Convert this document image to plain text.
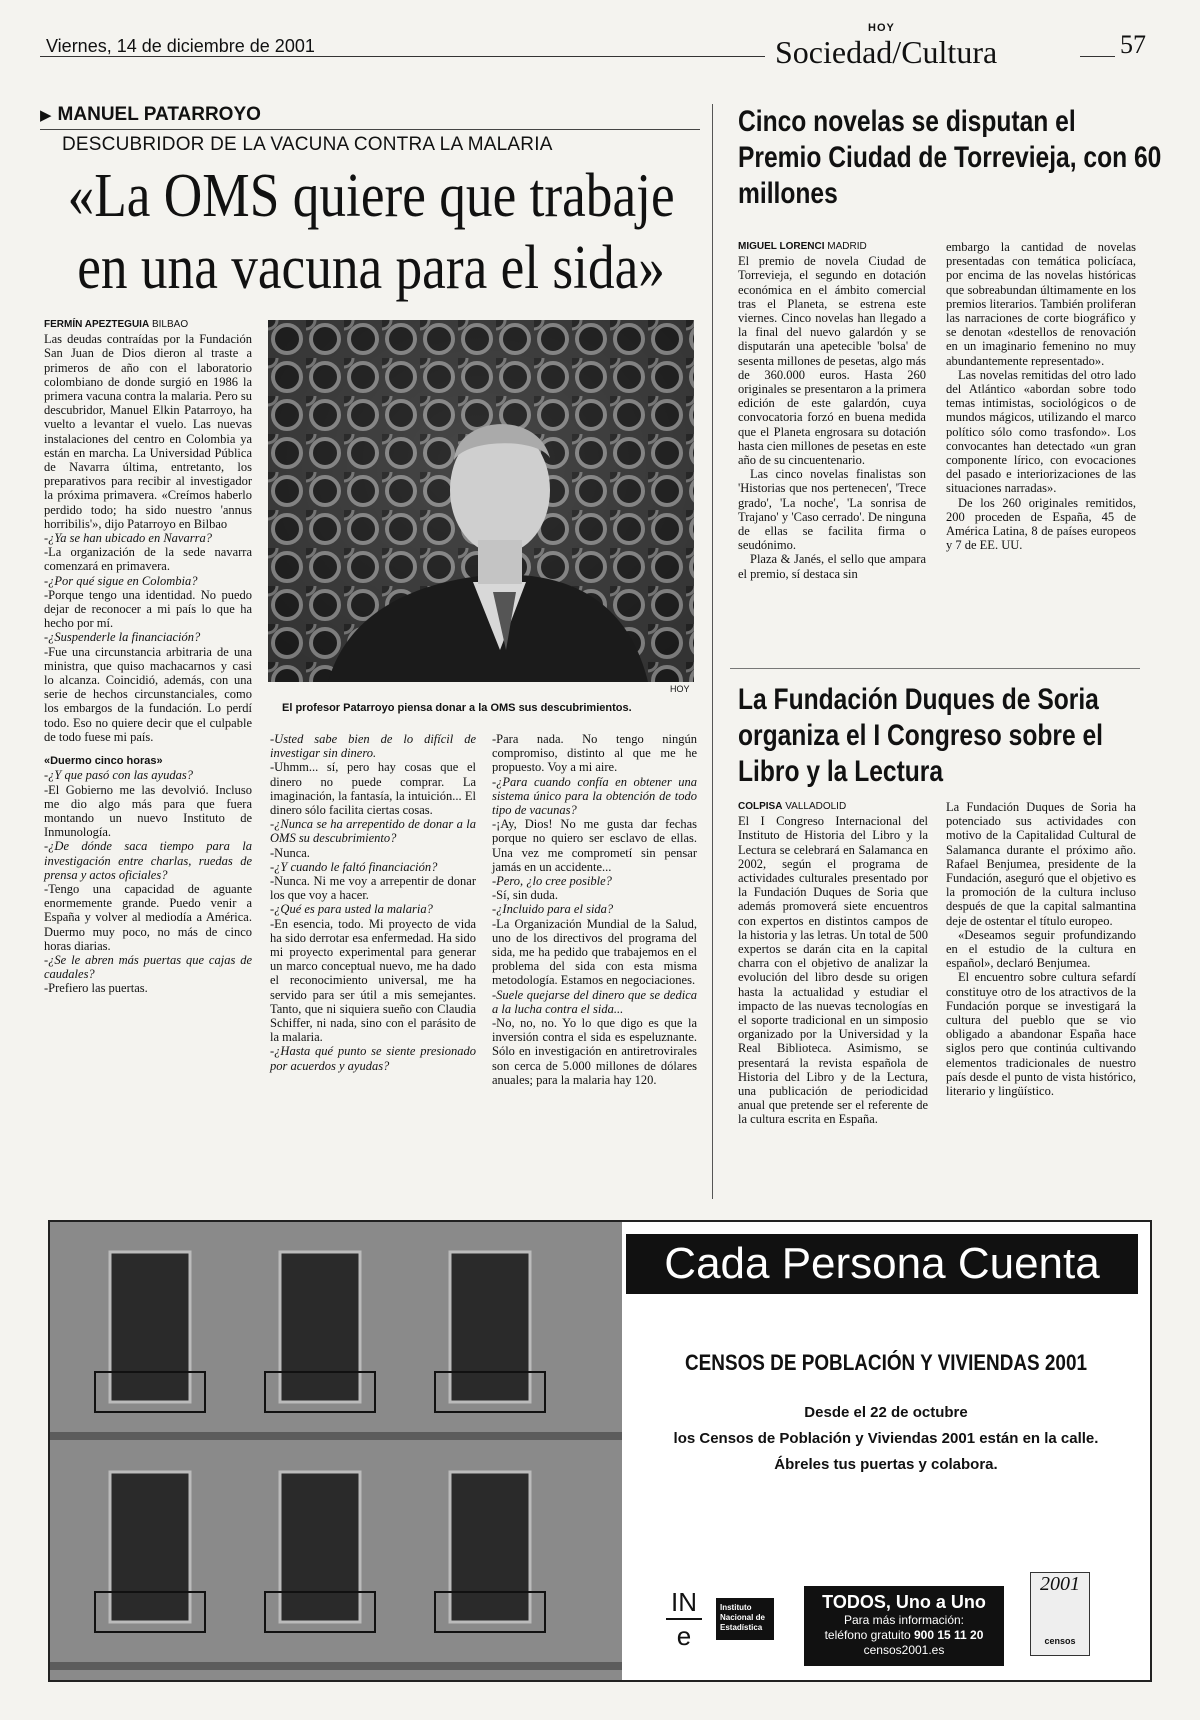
Viernes, 14 de diciembre de 2001
HOY
Sociedad/Cultura	57
▶ MANUEL PATARROYO
DESCUBRIDOR DE LA VACUNA CONTRA LA MALARIA
«La OMS quiere que trabaje en una vacuna para el sida»
FERMÍN APEZTEGUIA BILBAO

Las deudas contraídas por la Fundación San Juan de Dios dieron al traste a primeros de año con el laboratorio colombiano de donde surgió en 1986 la primera vacuna contra la malaria. Pero su descubridor, Manuel Elkin Patarroyo, ha vuelto a levantar el vuelo. Las nuevas instalaciones del centro en Colombia ya están en marcha. La Universidad Pública de Navarra última, entretanto, los preparativos para recibir al investigador la próxima primavera. «Creímos haberlo perdido todo; ha sido nuestro 'annus horribilis'», dijo Patarroyo en Bilbao

-¿Ya se han ubicado en Navarra?

-La organización de la sede navarra comenzará en primavera.

-¿Por qué sigue en Colombia?

-Porque tengo una identidad. No puedo dejar de reconocer a mi país lo que ha hecho por mí.

-¿Suspenderle la financiación?

-Fue una circunstancia arbitraria de una ministra, que quiso machacarnos y casi lo alcanza. Coincidió, además, con una serie de hechos circunstanciales, como los embargos de la fundación. Lo perdí todo. Eso no quiere decir que el culpable de todo fuese mi país.

«Duermo cinco horas»

-¿Y que pasó con las ayudas?

-El Gobierno me las devolvió. Incluso me dio algo más para que fuera montando un nuevo Instituto de Inmunología.

-¿De dónde saca tiempo para la investigación entre charlas, ruedas de prensa y actos oficiales?

-Tengo una capacidad de aguante enormemente grande. Puedo venir a España y volver al mediodía a América. Duermo muy poco, no más de cinco horas diarias.

-¿Se le abren más puertas que cajas de caudales?

-Prefiero las puertas.

HOY
El profesor Patarroyo piensa donar a la OMS sus descubrimientos.

-Usted sabe bien de lo difícil de investigar sin dinero.

-Uhmm... sí, pero hay cosas que el dinero no puede comprar. La imaginación, la fantasía, la intuición... El dinero sólo facilita ciertas cosas.

-¿Nunca se ha arrepentido de donar a la OMS su descubrimiento?

-Nunca.

-¿Y cuando le faltó financiación?

-Nunca. Ni me voy a arrepentir de donar los que voy a hacer.

-¿Qué es para usted la malaria?

-En esencia, todo. Mi proyecto de vida ha sido derrotar esa enfermedad. Ha sido mi proyecto experimental para generar un marco conceptual nuevo, me ha dado el reconocimiento universal, me ha servido para ser útil a mis semejantes. Tanto, que ni siquiera sueño con Claudia Schiffer, ni nada, sino con el parásito de la malaria.

-¿Hasta qué punto se siente presionado por acuerdos y ayudas?

-Para nada. No tengo ningún compromiso, distinto al que me he propuesto. Voy a mi aire.

-¿Para cuando confía en obtener una sistema único para la obtención de todo tipo de vacunas?

-¡Ay, Dios! No me gusta dar fechas porque no quiero ser esclavo de ellas. Una vez me comprometí sin pensar jamás en un accidente...

-Pero, ¿lo cree posible?

-Sí, sin duda.

-¿Incluido para el sida?

-La Organización Mundial de la Salud, uno de los directivos del programa del sida, me ha pedido que trabajemos en el problema del sida con esta misma metodología. Estamos en negociaciones.

-Suele quejarse del dinero que se dedica a la lucha contra el sida...

-No, no, no. Yo lo que digo es que la inversión contra el sida es espeluznante. Sólo en investigación en antiretrovirales son cerca de 5.000 millones de dólares anuales; para la malaria hay 120.

Cinco novelas se disputan el Premio Ciudad de Torrevieja, con 60 millones
MIGUEL LORENCI MADRID

El premio de novela Ciudad de Torrevieja, el segundo en dotación económica en el ámbito comercial tras el Planeta, se estrena este viernes. Cinco novelas han llegado a la final del nuevo galardón y se disputarán una apetecible 'bolsa' de sesenta millones de pesetas, algo más de 360.000 euros. Hasta 260 originales se presentaron a la primera edición de este galardón, cuya convocatoria forzó en buena medida que el Planeta engrosara su dotación hasta cien millones de pesetas en este año de su cincuentenario.

Las cinco novelas finalistas son 'Historias que nos pertenecen', 'Trece grado', 'La noche', 'La sonrisa de Trajano' y 'Caso cerrado'. De ninguna de ellas se facilita firma o seudónimo.

Plaza & Janés, el sello que ampara el premio, sí destaca sin

embargo la cantidad de novelas presentadas con temática policíaca, por encima de las novelas históricas que sobreabundan últimamente en los premios literarios. También proliferan las narraciones de corte biográfico y se denotan «destellos de renovación en un imaginario femenino no muy abundantemente representado».

Las novelas remitidas del otro lado del Atlántico «abordan sobre todo temas intimistas, sociológicos o de mundos mágicos, utilizando el marco político sólo como trasfondo». Los convocantes han detectado «un gran componente lírico, con evocaciones del pasado e interiorizaciones de las situaciones narradas».

De los 260 originales remitidos, 200 proceden de España, 45 de América Latina, 8 de países europeos y 7 de EE. UU.

La Fundación Duques de Soria organiza el I Congreso sobre el Libro y la Lectura
COLPISA VALLADOLID

El I Congreso Internacional del Instituto de Historia del Libro y la Lectura se celebrará en Salamanca en 2002, según el programa de actividades culturales presentado por la Fundación Duques de Soria que además promoverá siete encuentros con expertos en distintos campos de la historia y las letras. Un total de 500 expertos se darán cita en la capital charra con el objetivo de analizar la evolución del libro desde su origen hasta la actualidad y estudiar el impacto de las nuevas tecnologías en el soporte tradicional en un simposio organizado por la Universidad y la Real Biblioteca. Asimismo, se presentará la revista española de Historia del Libro y de la Lectura, una publicación de periodicidad anual que pretende ser el referente de la cultura escrita en España.

La Fundación Duques de Soria ha potenciado sus actividades con motivo de la Capitalidad Cultural de Salamanca durante el próximo año. Rafael Benjumea, presidente de la Fundación, aseguró que el objetivo es la promoción de la cultura incluso después de que la capital salmantina deje de ostentar el título europeo.

«Deseamos seguir profundizando en el estudio de la cultura en español», declaró Benjumea.

El encuentro sobre cultura sefardí constituye otro de los atractivos de la Fundación porque se investigará la cultura del pueblo que se vio obligado a abandonar España hace siglos pero que continúa cultivando elementos tradicionales de nuestro país desde el punto de vista histórico, literario y lingüístico.

Cada Persona Cuenta
CENSOS DE POBLACIÓN Y VIVIENDAS 2001
Desde el 22 de octubre
los Censos de Población y Viviendas 2001 están en la calle.
Ábreles tus puertas y colabora.
IN
e
Instituto Nacional de Estadística
TODOS, Uno a Uno
Para más información:
teléfono gratuito 900 15 11 20
censos2001.es
2001
censos
